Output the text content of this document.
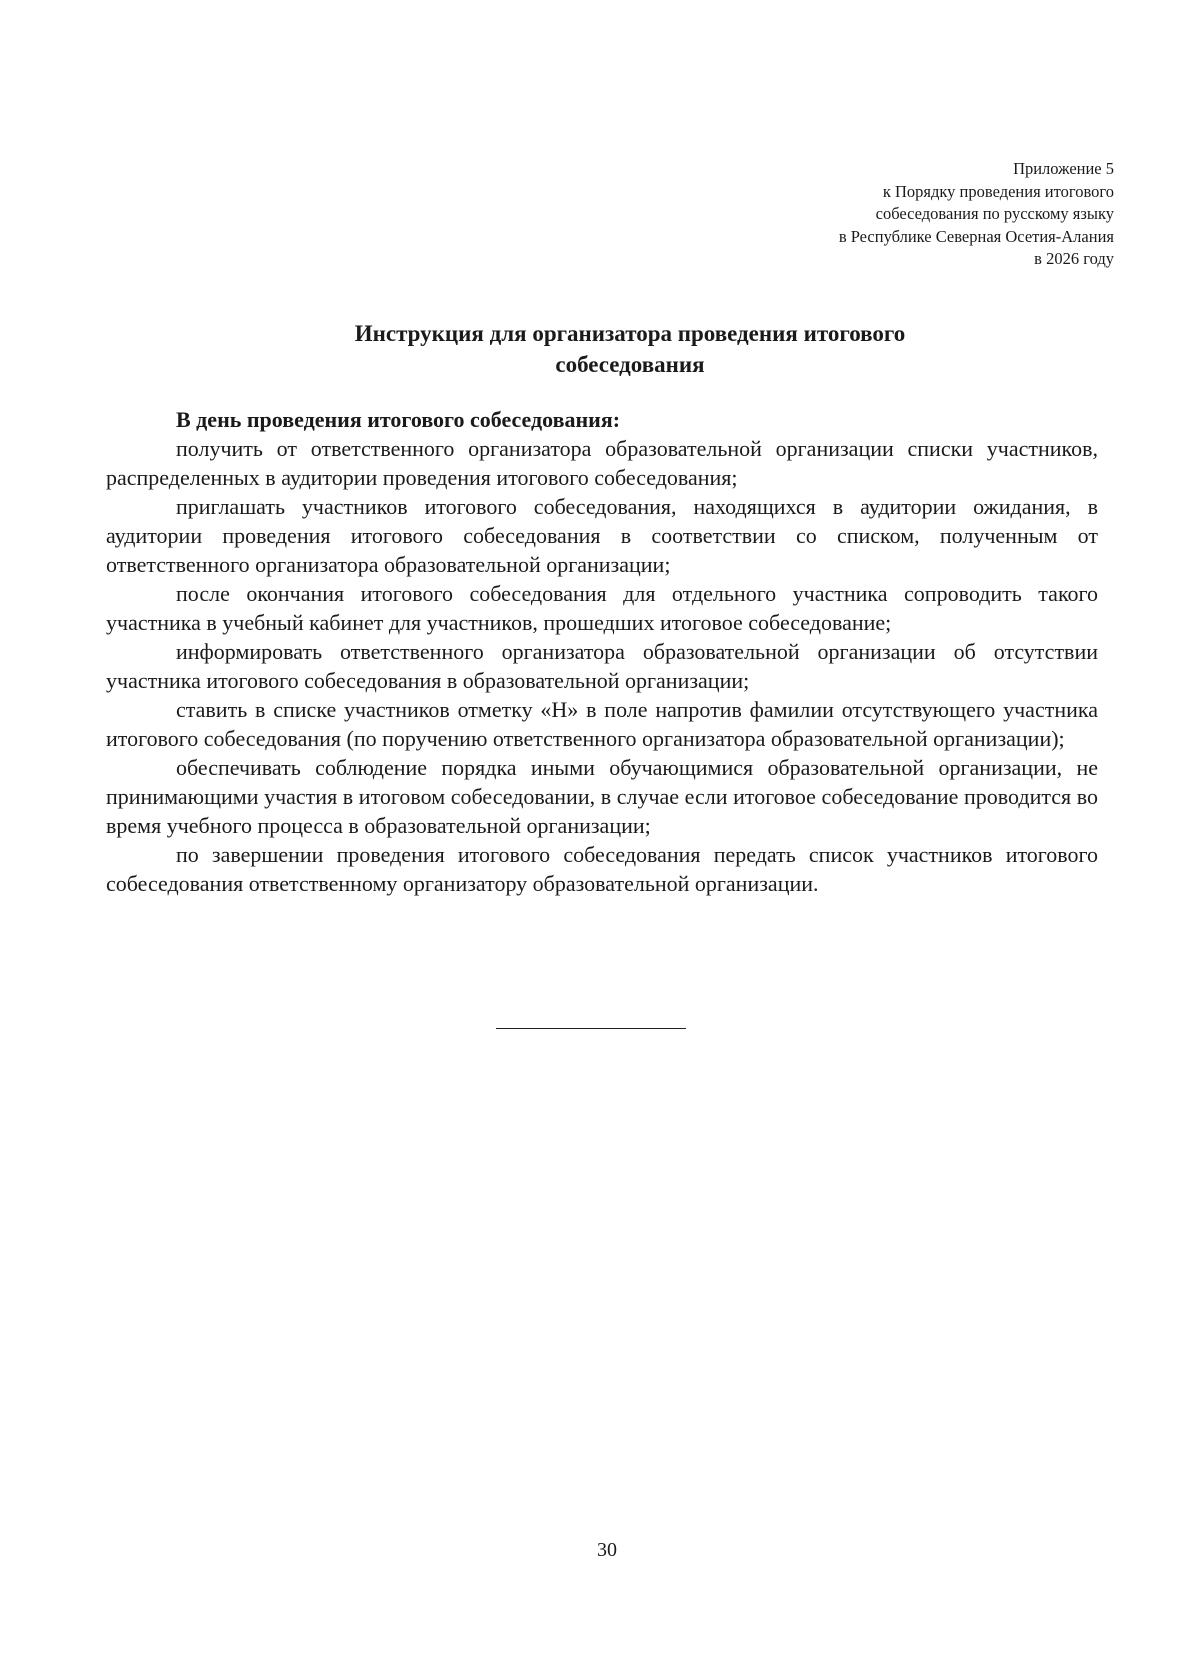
Приложение 5
к Порядку проведения итогового
собеседования по русскому языку
в Республике Северная Осетия-Алания
в 2026 году
Инструкция для организатора проведения итогового
собеседования
В день проведения итогового собеседования:

получить от ответственного организатора образовательной организации списки участников, распределенных в аудитории проведения итогового собеседования;

приглашать участников итогового собеседования, находящихся в аудитории ожидания, в аудитории проведения итогового собеседования в соответствии со списком, полученным от ответственного организатора образовательной организации;

после окончания итогового собеседования для отдельного участника сопроводить такого участника в учебный кабинет для участников, прошедших итоговое собеседование;

информировать ответственного организатора образовательной организации об отсутствии участника итогового собеседования в образовательной организации;

ставить в списке участников отметку «Н» в поле напротив фамилии отсутствующего участника итогового собеседования (по поручению ответственного организатора образовательной организации);

обеспечивать соблюдение порядка иными обучающимися образовательной организации, не принимающими участия в итоговом собеседовании, в случае если итоговое собеседование проводится во время учебного процесса в образовательной организации;

по завершении проведения итогового собеседования передать список участников итогового собеседования ответственному организатору образовательной организации.

30
